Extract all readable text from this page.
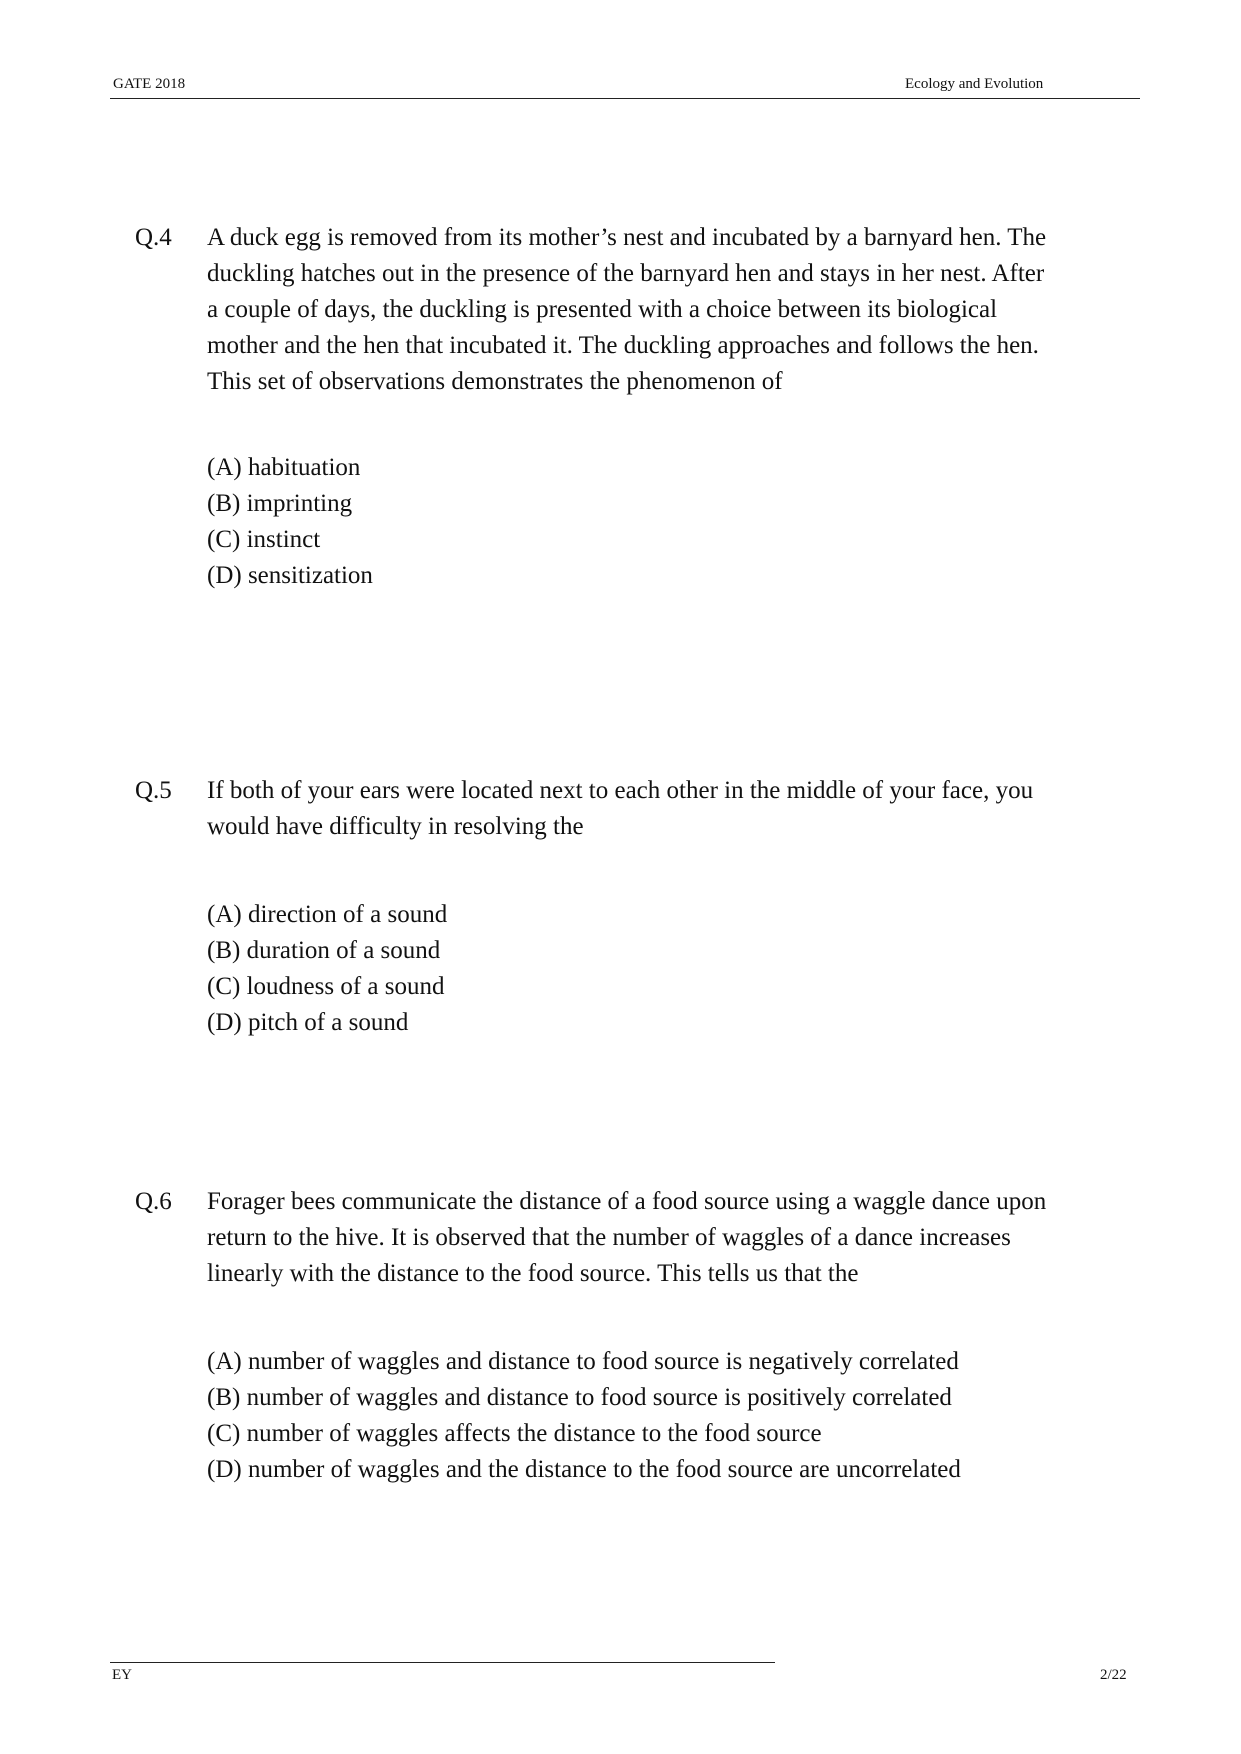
GATE 2018	Ecology and Evolution
Q.4 A duck egg is removed from its mother’s nest and incubated by a barnyard hen. The
duckling hatches out in the presence of the barnyard hen and stays in her nest. After
a couple of days, the duckling is presented with a choice between its biological
mother and the hen that incubated it. The duckling approaches and follows the hen.
This set of observations demonstrates the phenomenon of
(A) habituation
(B) imprinting
(C) instinct
(D) sensitization
Q.5 If both of your ears were located next to each other in the middle of your face, you
would have difficulty in resolving the
(A) direction of a sound
(B) duration of a sound
(C) loudness of a sound
(D) pitch of a sound
Q.6 Forager bees communicate the distance of a food source using a waggle dance upon
return to the hive. It is observed that the number of waggles of a dance increases
linearly with the distance to the food source. This tells us that the
(A) number of waggles and distance to food source is negatively correlated
(B) number of waggles and distance to food source is positively correlated
(C) number of waggles affects the distance to the food source
(D) number of waggles and the distance to the food source are uncorrelated
EY	2/22
